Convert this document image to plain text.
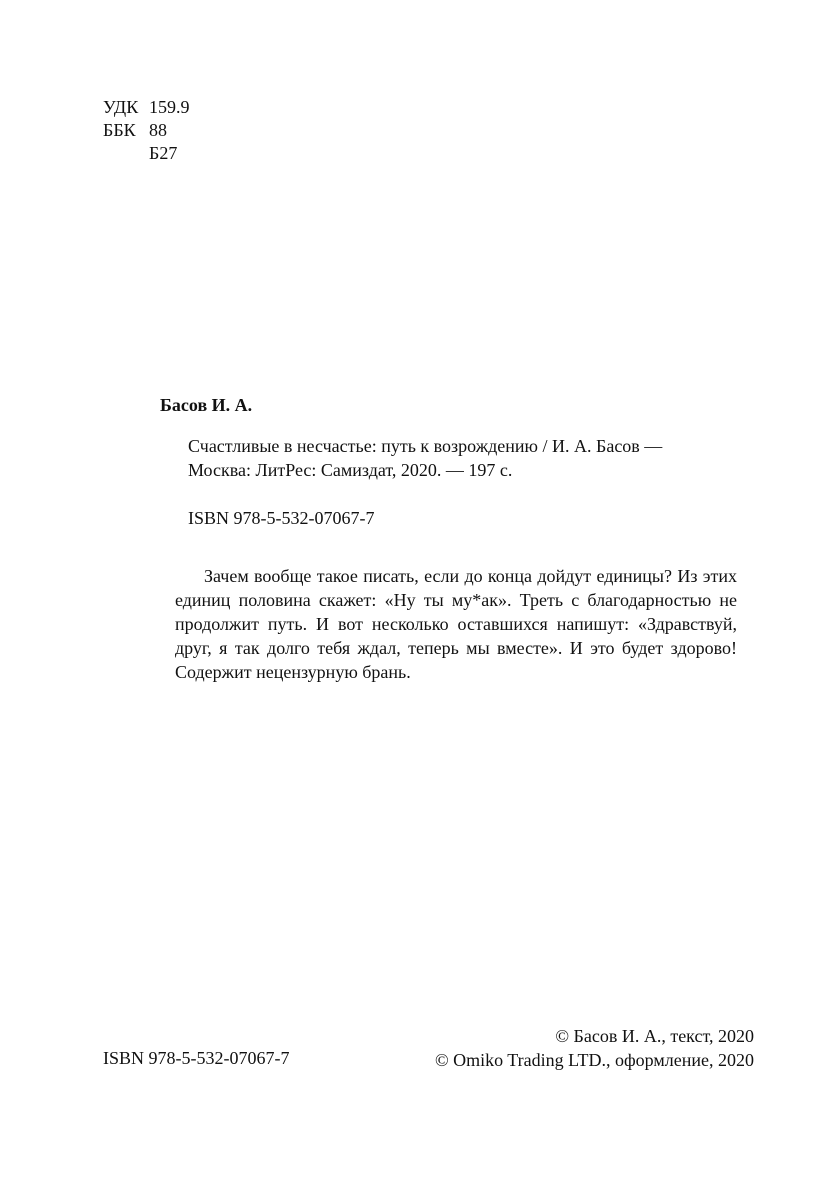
УДК 159.9
ББК 88
Б27
Басов И. А.
Счастливые в несчастье: путь к возрождению / И. А. Басов —
Москва: ЛитРес: Самиздат, 2020. — 197 с.
ISBN 978-5-532-07067-7
Зачем вообще такое писать, если до конца дойдут единицы? Из этих единиц половина скажет: «Ну ты му*ак». Треть с благодарностью не продолжит путь. И вот несколько оставшихся напишут: «Здравствуй, друг, я так долго тебя ждал, теперь мы вместе». И это будет здорово! Содержит нецензурную брань.
ISBN 978-5-532-07067-7
© Басов И. А., текст, 2020
© Omiko Trading LTD., оформление, 2020
